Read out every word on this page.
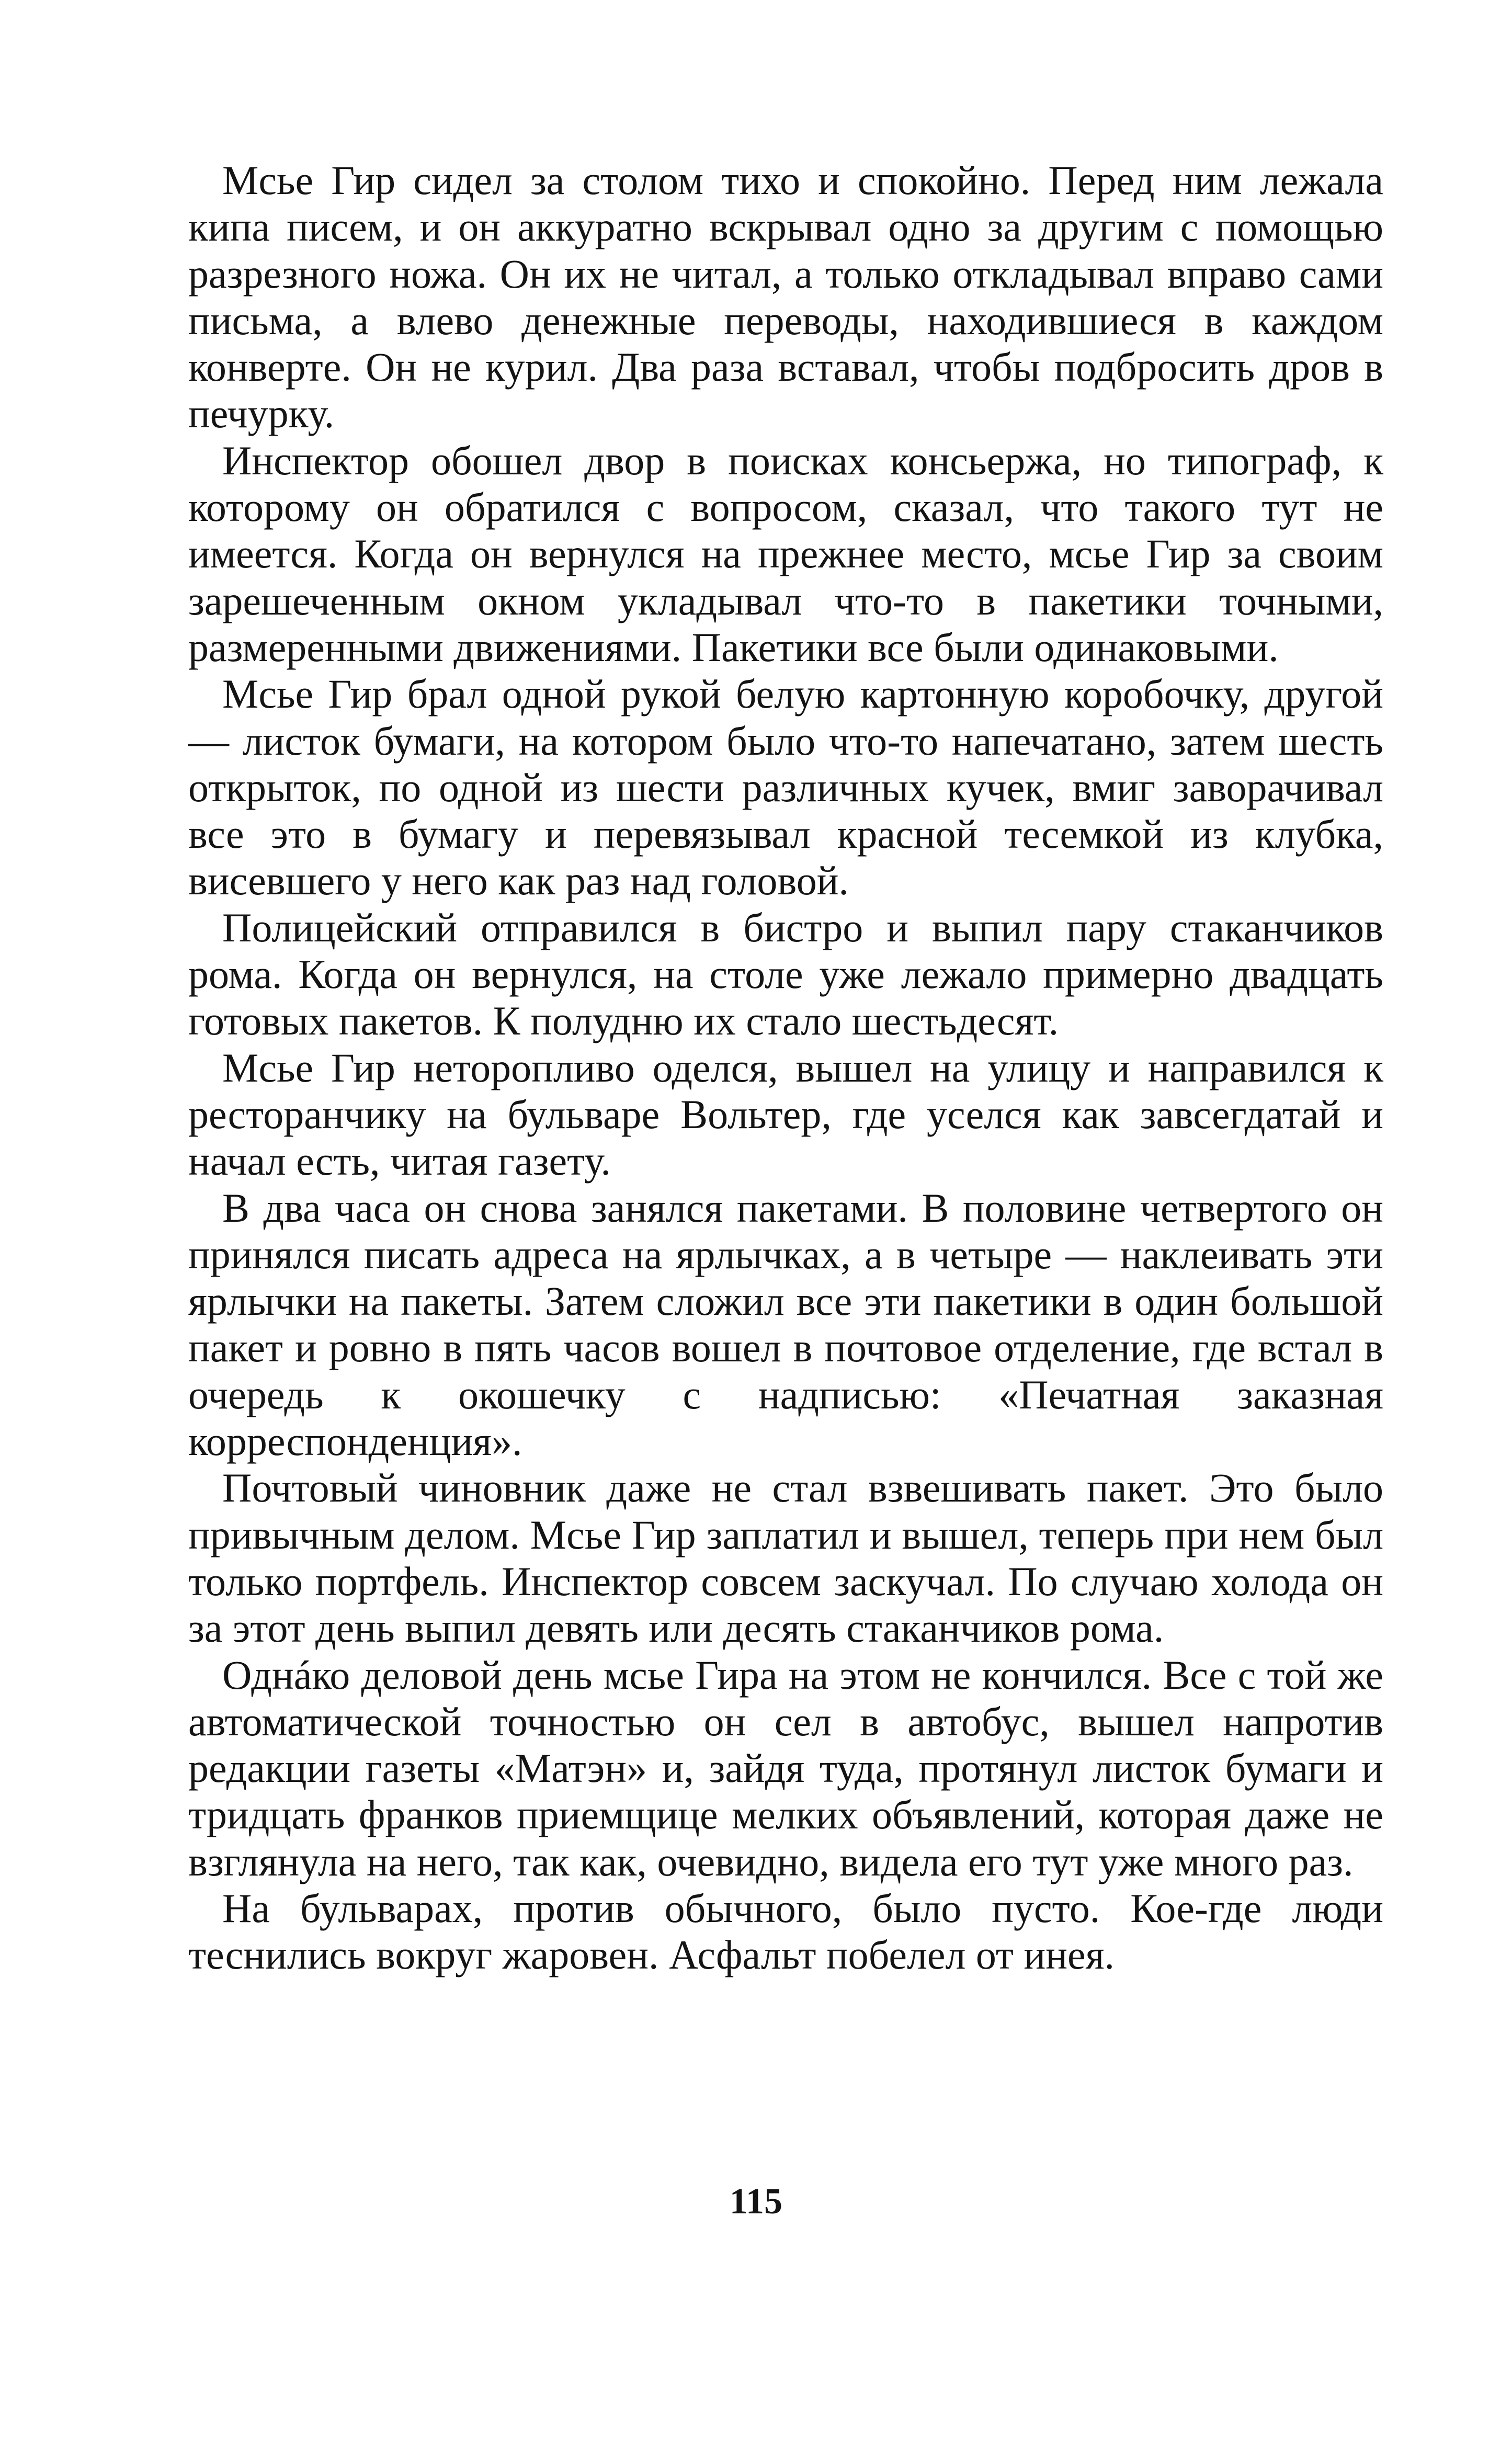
Мсье Гир сидел за столом тихо и спокойно. Перед ним лежала кипа писем, и он аккуратно вскрывал одно за другим с помощью разрезного ножа. Он их не читал, а только откладывал вправо сами письма, а влево денежные переводы, находившиеся в каждом конверте. Он не курил. Два раза вставал, чтобы подбросить дров в печурку.

Инспектор обошел двор в поисках консьержа, но типограф, к которому он обратился с вопросом, сказал, что такого тут не имеется. Когда он вернулся на прежнее место, мсье Гир за своим зарешеченным окном укладывал что-то в пакетики точными, размеренными движениями. Пакетики все были одинаковыми.

Мсье Гир брал одной рукой белую картонную коробочку, другой — листок бумаги, на котором было что-то напечатано, затем шесть открыток, по одной из шести различных кучек, вмиг заворачивал все это в бумагу и перевязывал красной тесемкой из клубка, висевшего у него как раз над головой.

Полицейский отправился в бистро и выпил пару стаканчиков рома. Когда он вернулся, на столе уже лежало примерно двадцать готовых пакетов. К полудню их стало шестьдесят.

Мсье Гир неторопливо оделся, вышел на улицу и направился к ресторанчику на бульваре Вольтер, где уселся как завсегдатай и начал есть, читая газету.

В два часа он снова занялся пакетами. В половине четвертого он принялся писать адреса на ярлычках, а в четыре — наклеивать эти ярлычки на пакеты. Затем сложил все эти пакетики в один большой пакет и ровно в пять часов вошел в почтовое отделение, где встал в очередь к окошечку с надписью: «Печатная заказная корреспонденция».

Почтовый чиновник даже не стал взвешивать пакет. Это было привычным делом. Мсье Гир заплатил и вышел, теперь при нем был только портфель. Инспектор совсем заскучал. По случаю холода он за этот день выпил девять или десять стаканчиков рома.

Однáко деловой день мсье Гира на этом не кончился. Все с той же автоматической точностью он сел в автобус, вышел напротив редакции газеты «Матэн» и, зайдя туда, протянул листок бумаги и тридцать франков приемщице мелких объявлений, которая даже не взглянула на него, так как, очевидно, видела его тут уже много раз.

На бульварах, против обычного, было пусто. Кое-где люди теснились вокруг жаровен. Асфальт побелел от инея.

115
